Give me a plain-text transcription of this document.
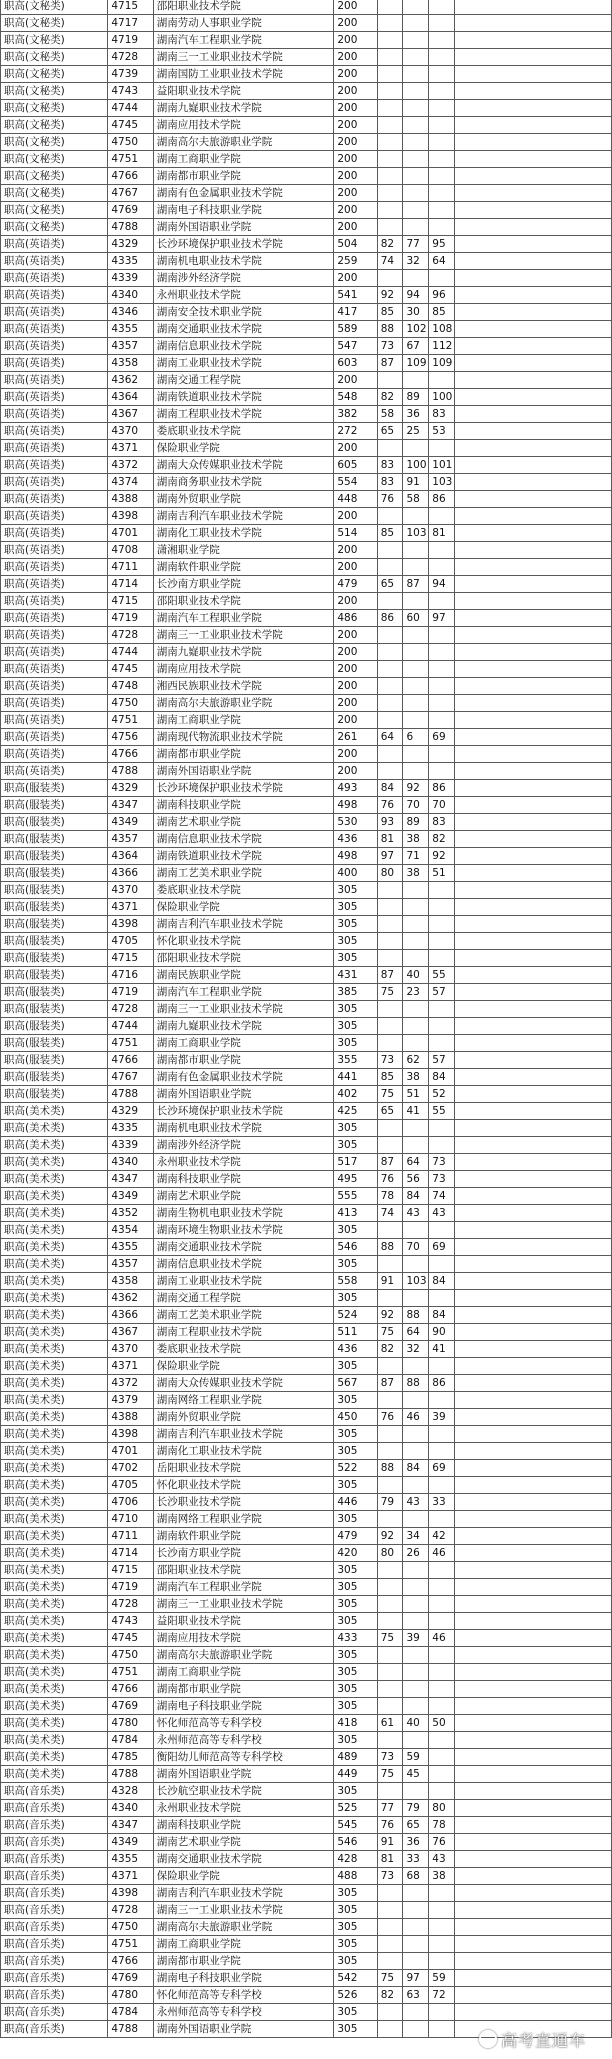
职高(文秘类)	4715	邵阳职业技术学院	200				
职高(文秘类)	4717	湖南劳动人事职业学院	200				
职高(文秘类)	4719	湖南汽车工程职业学院	200				
职高(文秘类)	4728	湖南三一工业职业技术学院	200				
职高(文秘类)	4739	湖南国防工业职业技术学院	200				
职高(文秘类)	4743	益阳职业技术学院	200				
职高(文秘类)	4744	湖南九嶷职业技术学院	200				
职高(文秘类)	4745	湖南应用技术学院	200				
职高(文秘类)	4750	湖南高尔夫旅游职业学院	200				
职高(文秘类)	4751	湖南工商职业学院	200				
职高(文秘类)	4766	湖南都市职业学院	200				
职高(文秘类)	4767	湖南有色金属职业技术学院	200				
职高(文秘类)	4769	湖南电子科技职业学院	200				
职高(文秘类)	4788	湖南外国语职业学院	200				
职高(英语类)	4329	长沙环境保护职业技术学院	504	82	77	95	
职高(英语类)	4335	湖南机电职业技术学院	259	74	32	64	
职高(英语类)	4339	湖南涉外经济学院	200				
职高(英语类)	4340	永州职业技术学院	541	92	94	96	
职高(英语类)	4346	湖南安全技术职业学院	417	85	30	85	
职高(英语类)	4355	湖南交通职业技术学院	589	88	102	108	
职高(英语类)	4357	湖南信息职业技术学院	547	73	67	112	
职高(英语类)	4358	湖南工业职业技术学院	603	87	109	109	
职高(英语类)	4362	湖南交通工程学院	200				
职高(英语类)	4364	湖南铁道职业技术学院	548	82	89	100	
职高(英语类)	4367	湖南工程职业技术学院	382	58	36	83	
职高(英语类)	4370	娄底职业技术学院	272	65	25	53	
职高(英语类)	4371	保险职业学院	200				
职高(英语类)	4372	湖南大众传媒职业技术学院	605	83	100	101	
职高(英语类)	4374	湖南商务职业技术学院	554	83	91	103	
职高(英语类)	4388	湖南外贸职业学院	448	76	58	86	
职高(英语类)	4398	湖南吉利汽车职业技术学院	200				
职高(英语类)	4701	湖南化工职业技术学院	514	85	103	81	
职高(英语类)	4708	潇湘职业学院	200				
职高(英语类)	4711	湖南软件职业学院	200				
职高(英语类)	4714	长沙南方职业学院	479	65	87	94	
职高(英语类)	4715	邵阳职业技术学院	200				
职高(英语类)	4719	湖南汽车工程职业学院	486	86	60	97	
职高(英语类)	4728	湖南三一工业职业技术学院	200				
职高(英语类)	4744	湖南九嶷职业技术学院	200				
职高(英语类)	4745	湖南应用技术学院	200				
职高(英语类)	4748	湘西民族职业技术学院	200				
职高(英语类)	4750	湖南高尔夫旅游职业学院	200				
职高(英语类)	4751	湖南工商职业学院	200				
职高(英语类)	4756	湖南现代物流职业技术学院	261	64	6	69	
职高(英语类)	4766	湖南都市职业学院	200				
职高(英语类)	4788	湖南外国语职业学院	200				
职高(服装类)	4329	长沙环境保护职业技术学院	493	84	92	86	
职高(服装类)	4347	湖南科技职业学院	498	76	70	70	
职高(服装类)	4349	湖南艺术职业学院	530	93	89	83	
职高(服装类)	4357	湖南信息职业技术学院	436	81	38	82	
职高(服装类)	4364	湖南铁道职业技术学院	498	97	71	92	
职高(服装类)	4366	湖南工艺美术职业学院	400	80	38	51	
职高(服装类)	4370	娄底职业技术学院	305				
职高(服装类)	4371	保险职业学院	305				
职高(服装类)	4398	湖南吉利汽车职业技术学院	305				
职高(服装类)	4705	怀化职业技术学院	305				
职高(服装类)	4715	邵阳职业技术学院	305				
职高(服装类)	4716	湖南民族职业学院	431	87	40	55	
职高(服装类)	4719	湖南汽车工程职业学院	385	75	23	57	
职高(服装类)	4728	湖南三一工业职业技术学院	305				
职高(服装类)	4744	湖南九嶷职业技术学院	305				
职高(服装类)	4751	湖南工商职业学院	305				
职高(服装类)	4766	湖南都市职业学院	355	73	62	57	
职高(服装类)	4767	湖南有色金属职业技术学院	441	85	38	84	
职高(服装类)	4788	湖南外国语职业学院	402	75	51	52	
职高(美术类)	4329	长沙环境保护职业技术学院	425	65	41	55	
职高(美术类)	4335	湖南机电职业技术学院	305				
职高(美术类)	4339	湖南涉外经济学院	305				
职高(美术类)	4340	永州职业技术学院	517	87	64	73	
职高(美术类)	4347	湖南科技职业学院	495	76	56	73	
职高(美术类)	4349	湖南艺术职业学院	555	78	84	74	
职高(美术类)	4352	湖南生物机电职业技术学院	413	74	43	43	
职高(美术类)	4354	湖南环境生物职业技术学院	305				
职高(美术类)	4355	湖南交通职业技术学院	546	88	70	69	
职高(美术类)	4357	湖南信息职业技术学院	305				
职高(美术类)	4358	湖南工业职业技术学院	558	91	103	84	
职高(美术类)	4362	湖南交通工程学院	305				
职高(美术类)	4366	湖南工艺美术职业学院	524	92	88	84	
职高(美术类)	4367	湖南工程职业技术学院	511	75	64	90	
职高(美术类)	4370	娄底职业技术学院	436	82	32	41	
职高(美术类)	4371	保险职业学院	305				
职高(美术类)	4372	湖南大众传媒职业技术学院	567	87	88	86	
职高(美术类)	4379	湖南网络工程职业学院	305				
职高(美术类)	4388	湖南外贸职业学院	450	76	46	39	
职高(美术类)	4398	湖南吉利汽车职业技术学院	305				
职高(美术类)	4701	湖南化工职业技术学院	305				
职高(美术类)	4702	岳阳职业技术学院	522	88	84	69	
职高(美术类)	4705	怀化职业技术学院	305				
职高(美术类)	4706	长沙职业技术学院	446	79	43	33	
职高(美术类)	4710	湖南网络工程职业学院	305				
职高(美术类)	4711	湖南软件职业学院	479	92	34	42	
职高(美术类)	4714	长沙南方职业学院	420	80	26	46	
职高(美术类)	4715	邵阳职业技术学院	305				
职高(美术类)	4719	湖南汽车工程职业学院	305				
职高(美术类)	4728	湖南三一工业职业技术学院	305				
职高(美术类)	4743	益阳职业技术学院	305				
职高(美术类)	4745	湖南应用技术学院	433	75	39	46	
职高(美术类)	4750	湖南高尔夫旅游职业学院	305				
职高(美术类)	4751	湖南工商职业学院	305				
职高(美术类)	4766	湖南都市职业学院	305				
职高(美术类)	4769	湖南电子科技职业学院	305				
职高(美术类)	4780	怀化师范高等专科学校	418	61	40	50	
职高(美术类)	4784	永州师范高等专科学校	305				
职高(美术类)	4785	衡阳幼儿师范高等专科学校	489	73	59		
职高(美术类)	4788	湖南外国语职业学院	449	75	45		
职高(音乐类)	4328	长沙航空职业技术学院	305				
职高(音乐类)	4340	永州职业技术学院	525	77	79	80	
职高(音乐类)	4347	湖南科技职业学院	545	76	65	78	
职高(音乐类)	4349	湖南艺术职业学院	546	91	36	76	
职高(音乐类)	4355	湖南交通职业技术学院	428	81	33	43	
职高(音乐类)	4371	保险职业学院	488	73	68	38	
职高(音乐类)	4398	湖南吉利汽车职业技术学院	305				
职高(音乐类)	4728	湖南三一工业职业技术学院	305				
职高(音乐类)	4750	湖南高尔夫旅游职业学院	305				
职高(音乐类)	4751	湖南工商职业学院	305				
职高(音乐类)	4766	湖南都市职业学院	305				
职高(音乐类)	4769	湖南电子科技职业学院	542	75	97	59	
职高(音乐类)	4780	怀化师范高等专科学校	526	82	63	72	
职高(音乐类)	4784	永州师范高等专科学校	305				
职高(音乐类)	4788	湖南外国语职业学院	305				
高考直通车
